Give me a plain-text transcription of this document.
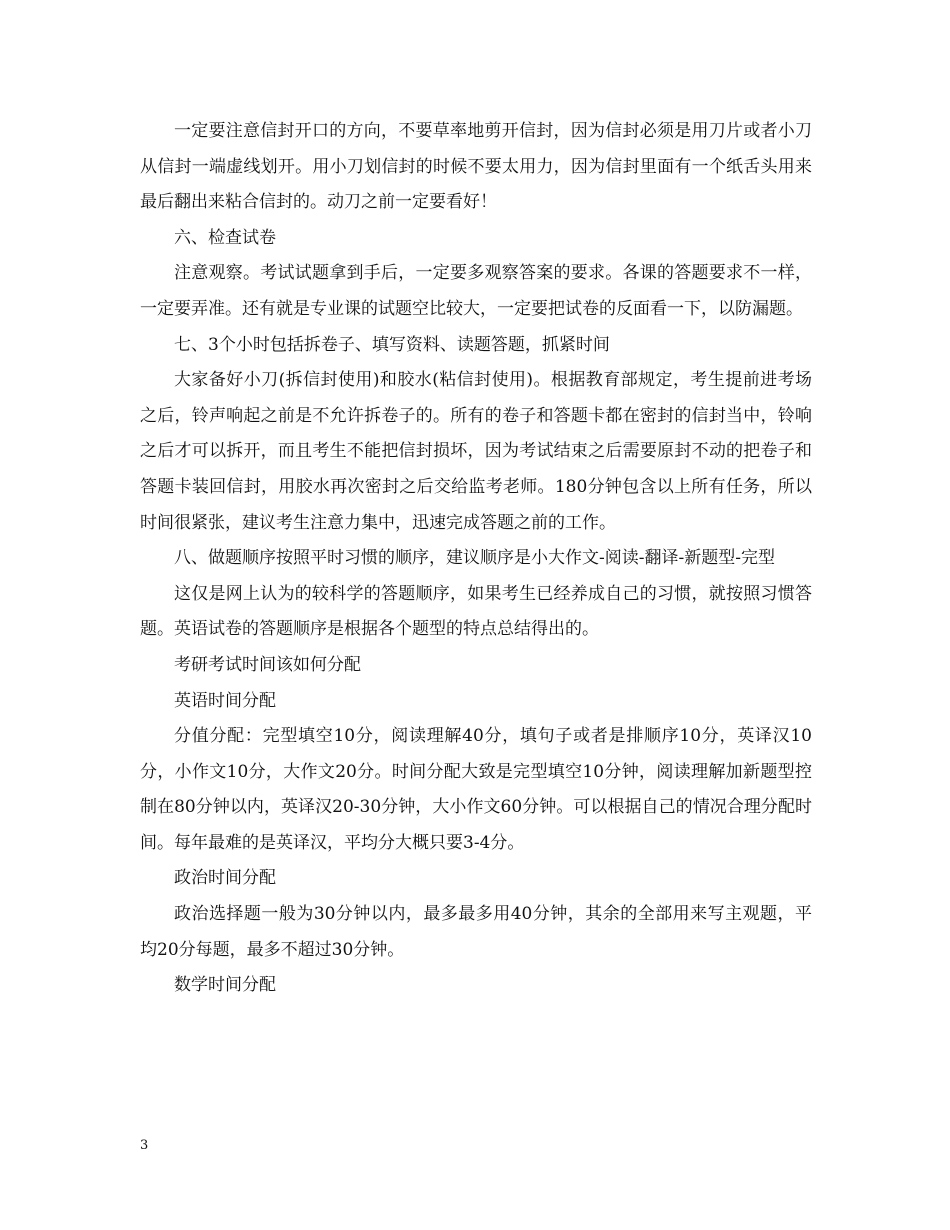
一定要注意信封开口的方向，不要草率地剪开信封，因为信封必须是用刀片或者小刀从信封一端虚线划开。用小刀划信封的时候不要太用力，因为信封里面有一个纸舌头用来最后翻出来粘合信封的。动刀之前一定要看好！

六、检查试卷

注意观察。考试试题拿到手后，一定要多观察答案的要求。各课的答题要求不一样，一定要弄准。还有就是专业课的试题空比较大，一定要把试卷的反面看一下，以防漏题。

七、3个小时包括拆卷子、填写资料、读题答题，抓紧时间

大家备好小刀(拆信封使用)和胶水(粘信封使用)。根据教育部规定，考生提前进考场之后，铃声响起之前是不允许拆卷子的。所有的卷子和答题卡都在密封的信封当中，铃响之后才可以拆开，而且考生不能把信封损坏，因为考试结束之后需要原封不动的把卷子和答题卡装回信封，用胶水再次密封之后交给监考老师。180分钟包含以上所有任务，所以时间很紧张，建议考生注意力集中，迅速完成答题之前的工作。

八、做题顺序按照平时习惯的顺序，建议顺序是小大作文-阅读-翻译-新题型-完型

这仅是网上认为的较科学的答题顺序，如果考生已经养成自己的习惯，就按照习惯答题。英语试卷的答题顺序是根据各个题型的特点总结得出的。

考研考试时间该如何分配

英语时间分配

分值分配：完型填空10分，阅读理解40分，填句子或者是排顺序10分，英译汉10分，小作文10分，大作文20分。时间分配大致是完型填空10分钟，阅读理解加新题型控制在80分钟以内，英译汉20-30分钟，大小作文60分钟。可以根据自己的情况合理分配时间。每年最难的是英译汉，平均分大概只要3-4分。

政治时间分配

政治选择题一般为30分钟以内，最多最多用40分钟，其余的全部用来写主观题，平均20分每题，最多不超过30分钟。

数学时间分配

3
